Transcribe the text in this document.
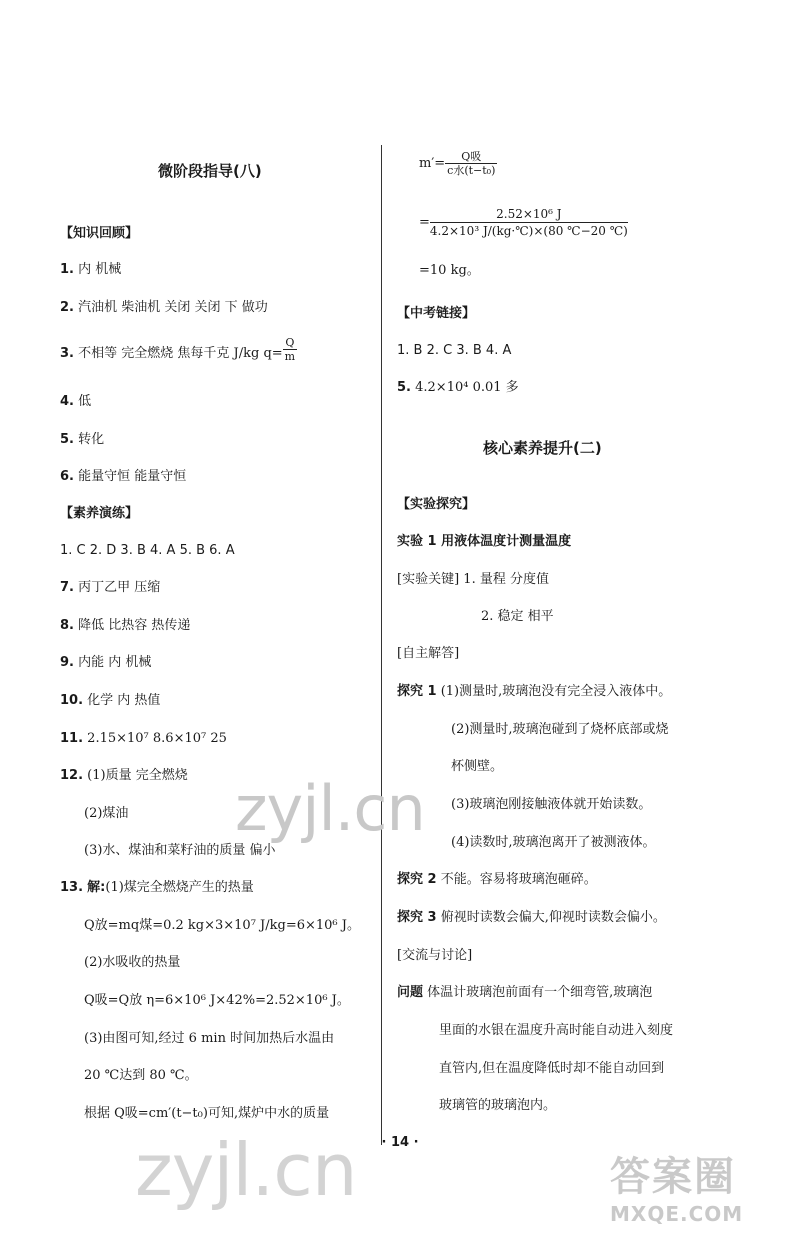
微阶段指导(八)
【知识回顾】
1. 内 机械
2. 汽油机 柴油机 关闭 关闭 下 做功
3. 不相等 完全燃烧 焦每千克 J/kg $q= \frac{Q}{m}$
4. 低
5. 转化
6. 能量守恒 能量守恒
【素养演练】
1. C 2. D 3. B 4. A 5. B 6. A
7. 丙丁乙甲 压缩
8. 降低 比热容 热传递
9. 内能 内 机械
10. 化学 内 热值
11. 2.15×10⁷ 8.6×10⁷ 25
12. (1)质量 完全燃烧
(2)煤油
(3)水、煤油和菜籽油的质量 偏小
13. 解:(1)煤完全燃烧产生的热量
Q放=mq煤=0.2 kg×3×10⁷ J/kg=6×10⁶ J。
(2)水吸收的热量
Q吸=Q放 η=6×10⁶ J×42%=2.52×10⁶ J。
(3)由图可知,经过 6 min 时间加热后水温由
20 ℃达到 80 ℃。
根据 Q吸=cm′(t−t₀)可知,煤炉中水的质量
$m'= \frac{\text{Q吸}}{\text{c水(t−t₀)}}$
= $\frac{\text{2.52×10⁶ J}}{\text{4.2×10³ J/(kg·℃)×(80 ℃−20 ℃)}}$
=10 kg。
【中考链接】
1. B 2. C 3. B 4. A
5. 4.2×10⁴ 0.01 多
核心素养提升(二)
【实验探究】
实验 1 用液体温度计测量温度
[实验关键] 1. 量程 分度值
2. 稳定 相平
[自主解答]
探究 1 (1)测量时,玻璃泡没有完全浸入液体中。
(2)测量时,玻璃泡碰到了烧杯底部或烧
杯侧壁。
(3)玻璃泡刚接触液体就开始读数。
(4)读数时,玻璃泡离开了被测液体。
探究 2 不能。容易将玻璃泡砸碎。
探究 3 俯视时读数会偏大,仰视时读数会偏小。
[交流与讨论]
问题 体温计玻璃泡前面有一个细弯管,玻璃泡
里面的水银在温度升高时能自动进入刻度
直管内,但在温度降低时却不能自动回到
玻璃管的玻璃泡内。
· 14 ·
zyjl.cn
zyjl.cn	答案圈
MXQE.COM
